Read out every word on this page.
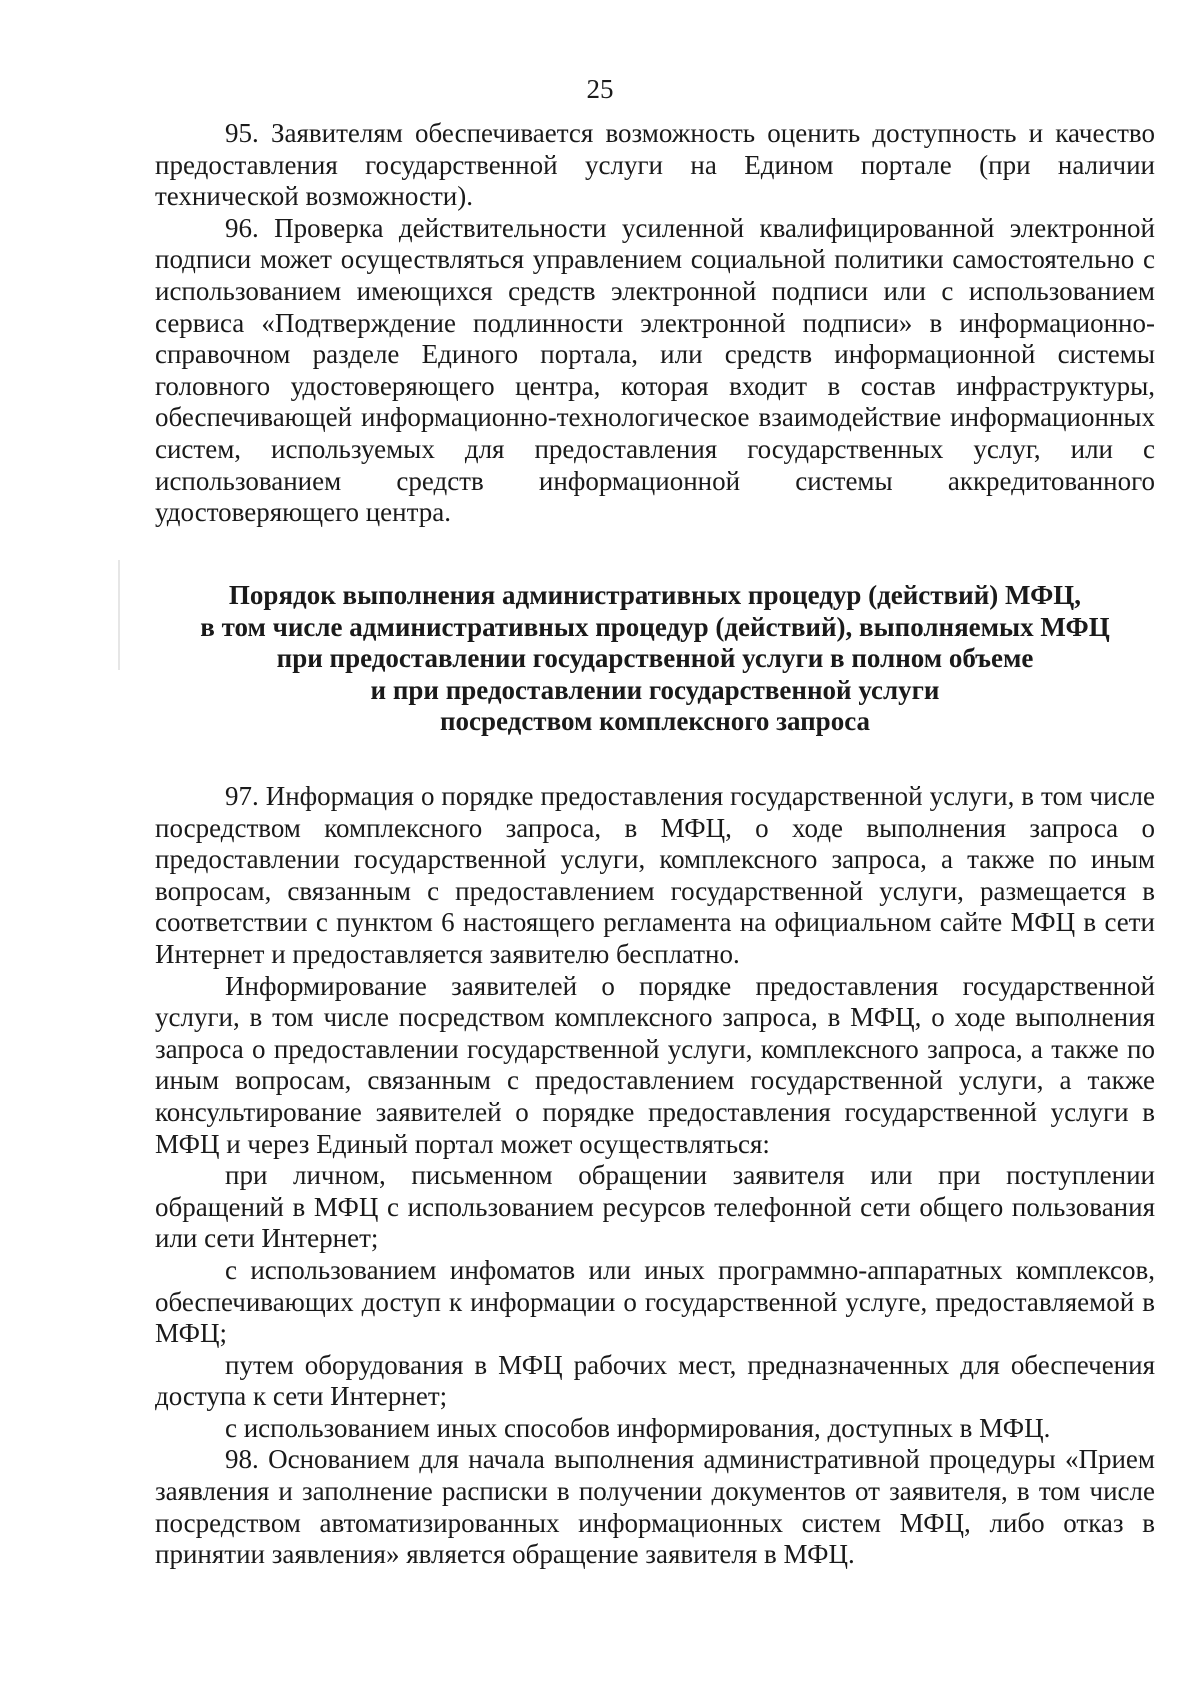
25

95. Заявителям обеспечивается возможность оценить доступность и качество предоставления государственной услуги на Едином портале (при наличии технической возможности).

96. Проверка действительности усиленной квалифицированной электронной подписи может осуществляться управлением социальной политики самостоятельно с использованием имеющихся средств электронной подписи или с использованием сервиса «Подтверждение подлинности электронной подписи» в информационно-справочном разделе Единого портала, или средств информационной системы головного удостоверяющего центра, которая входит в состав инфраструктуры, обеспечивающей информационно-технологическое взаимодействие информационных систем, используемых для предоставления государственных услуг, или с использованием средств информационной системы аккредитованного удостоверяющего центра.

Порядок выполнения административных процедур (действий) МФЦ,
в том числе административных процедур (действий), выполняемых МФЦ
при предоставлении государственной услуги в полном объеме
и при предоставлении государственной услуги
посредством комплексного запроса

97. Информация о порядке предоставления государственной услуги, в том числе посредством комплексного запроса, в МФЦ, о ходе выполнения запроса о предоставлении государственной услуги, комплексного запроса, а также по иным вопросам, связанным с предоставлением государственной услуги, размещается в соответствии с пунктом 6 настоящего регламента на официальном сайте МФЦ в сети Интернет и предоставляется заявителю бесплатно.

Информирование заявителей о порядке предоставления государственной услуги, в том числе посредством комплексного запроса, в МФЦ, о ходе выполнения запроса о предоставлении государственной услуги, комплексного запроса, а также по иным вопросам, связанным с предоставлением государственной услуги, а также консультирование заявителей о порядке предоставления государственной услуги в МФЦ и через Единый портал может осуществляться:

при личном, письменном обращении заявителя или при поступлении обращений в МФЦ с использованием ресурсов телефонной сети общего пользования или сети Интернет;

с использованием инфоматов или иных программно-аппаратных комплексов, обеспечивающих доступ к информации о государственной услуге, предоставляемой в МФЦ;

путем оборудования в МФЦ рабочих мест, предназначенных для обеспечения доступа к сети Интернет;

с использованием иных способов информирования, доступных в МФЦ.

98. Основанием для начала выполнения административной процедуры «Прием заявления и заполнение расписки в получении документов от заявителя, в том числе посредством автоматизированных информационных систем МФЦ, либо отказ в принятии заявления» является обращение заявителя в МФЦ.
